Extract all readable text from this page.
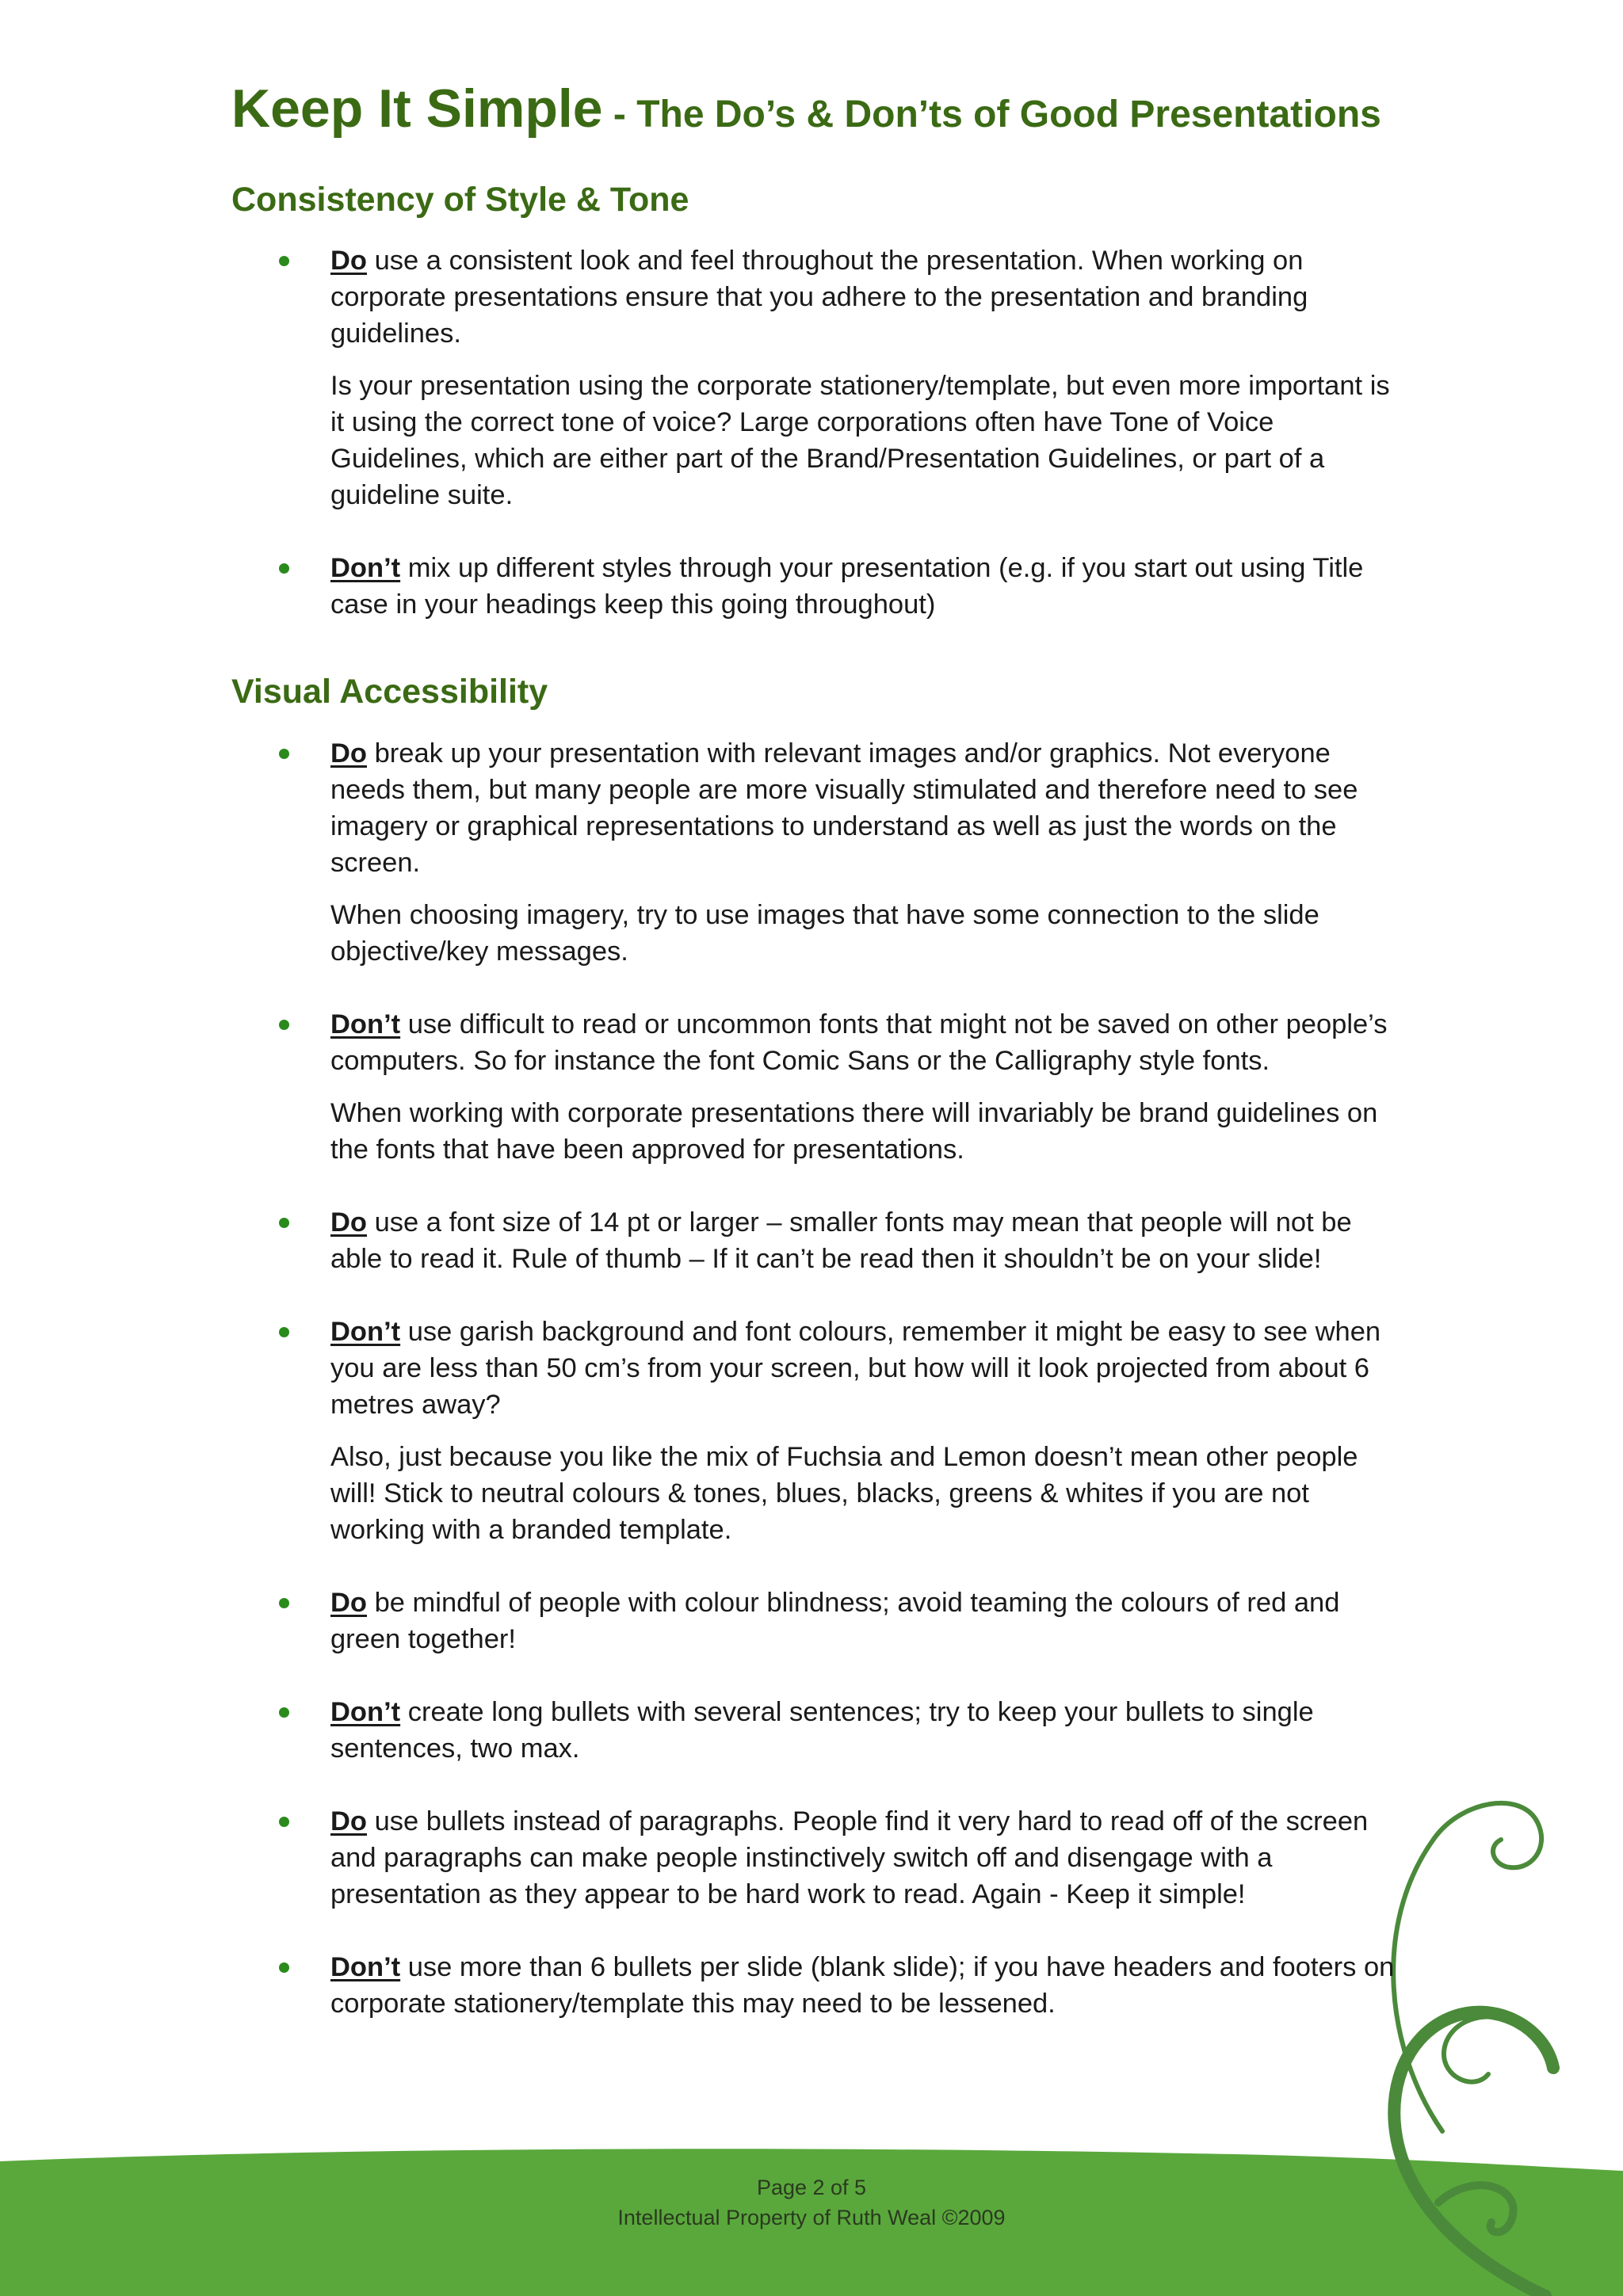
Keep It Simple - The Do’s & Don’ts of Good Presentations
Consistency of Style & Tone

Do use a consistent look and feel throughout the presentation. When working on corporate presentations ensure that you adhere to the presentation and branding guidelines.

Is your presentation using the corporate stationery/template, but even more important is it using the correct tone of voice? Large corporations often have Tone of Voice Guidelines, which are either part of the Brand/Presentation Guidelines, or part of a guideline suite.

Don’t mix up different styles through your presentation (e.g. if you start out using Title case in your headings keep this going throughout)

Visual Accessibility

Do break up your presentation with relevant images and/or graphics. Not everyone needs them, but many people are more visually stimulated and therefore need to see imagery or graphical representations to understand as well as just the words on the screen.

When choosing imagery, try to use images that have some connection to the slide objective/key messages.

Don’t use difficult to read or uncommon fonts that might not be saved on other people’s computers. So for instance the font Comic Sans or the Calligraphy style fonts.

When working with corporate presentations there will invariably be brand guidelines on the fonts that have been approved for presentations.

Do use a font size of 14 pt or larger – smaller fonts may mean that people will not be able to read it. Rule of thumb – If it can’t be read then it shouldn’t be on your slide!

Don’t use garish background and font colours, remember it might be easy to see when you are less than 50 cm’s from your screen, but how will it look projected from about 6 metres away?

Also, just because you like the mix of Fuchsia and Lemon doesn’t mean other people will! Stick to neutral colours & tones, blues, blacks, greens & whites if you are not working with a branded template.

Do be mindful of people with colour blindness; avoid teaming the colours of red and green together!

Don’t create long bullets with several sentences; try to keep your bullets to single sentences, two max.

Do use bullets instead of paragraphs. People find it very hard to read off of the screen and paragraphs can make people instinctively switch off and disengage with a presentation as they appear to be hard work to read. Again - Keep it simple!

Don’t use more than 6 bullets per slide (blank slide); if you have headers and footers on corporate stationery/template this may need to be lessened.

Page 2 of 5
Intellectual Property of Ruth Weal ©2009
